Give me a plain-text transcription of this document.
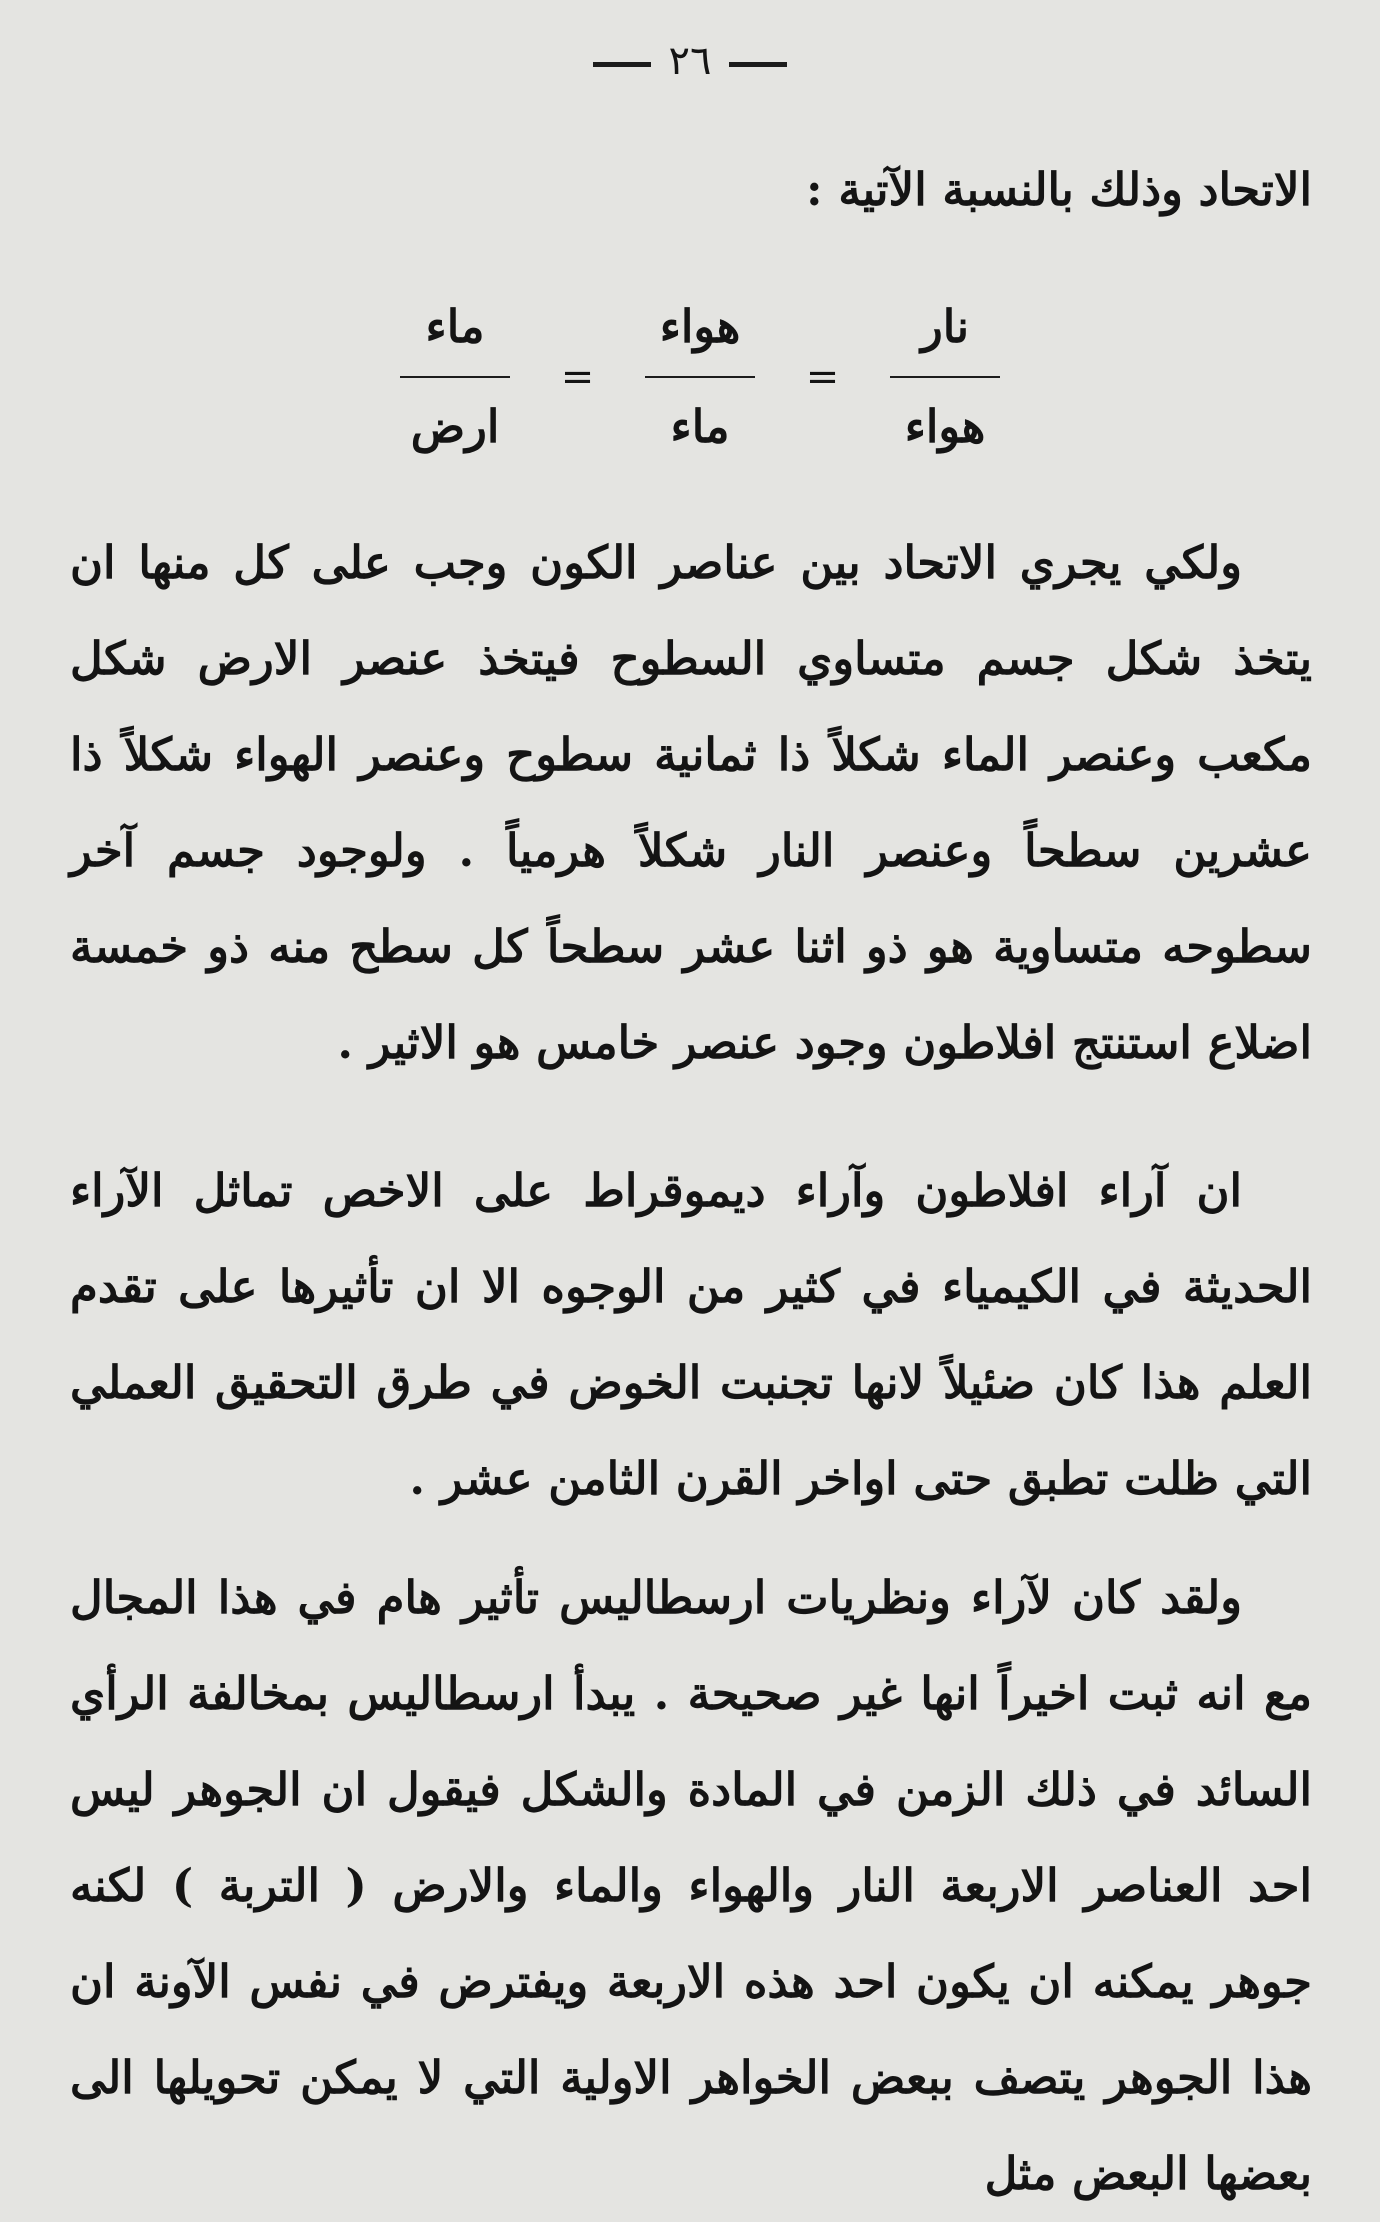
٢٦
الاتحاد وذلك بالنسبة الآتية :
$\frac{\text{نار}}{\text{هواء}}$
=
$\frac{\text{هواء}}{\text{ماء}}$
=
$\frac{\text{ماء}}{\text{ارض}}$
ولكي يجري الاتحاد بين عناصر الكون وجب على كل منها ان يتخذ شكل جسم متساوي السطوح فيتخذ عنصر الارض شكل مكعب وعنصر الماء شكلاً ذا ثمانية سطوح وعنصر الهواء شكلاً ذا عشرين سطحاً وعنصر النار شكلاً هرمياً . ولوجود جسم آخر سطوحه متساوية هو ذو اثنا عشر سطحاً كل سطح منه ذو خمسة اضلاع استنتج افلاطون وجود عنصر خامس هو الاثير .
ان آراء افلاطون وآراء ديموقراط على الاخص تماثل الآراء الحديثة في الكيمياء في كثير من الوجوه الا ان تأثيرها على تقدم العلم هذا كان ضئيلاً لانها تجنبت الخوض في طرق التحقيق العملي التي ظلت تطبق حتى اواخر القرن الثامن عشر .
ولقد كان لآراء ونظريات ارسطاليس تأثير هام في هذا المجال مع انه ثبت اخيراً انها غير صحيحة . يبدأ ارسطاليس بمخالفة الرأي السائد في ذلك الزمن في المادة والشكل فيقول ان الجوهر ليس احد العناصر الاربعة النار والهواء والماء والارض ( التربة ) لكنه جوهر يمكنه ان يكون احد هذه الاربعة ويفترض في نفس الآونة ان هذا الجوهر يتصف ببعض الخواهر الاولية التي لا يمكن تحويلها الى بعضها البعض مثل
